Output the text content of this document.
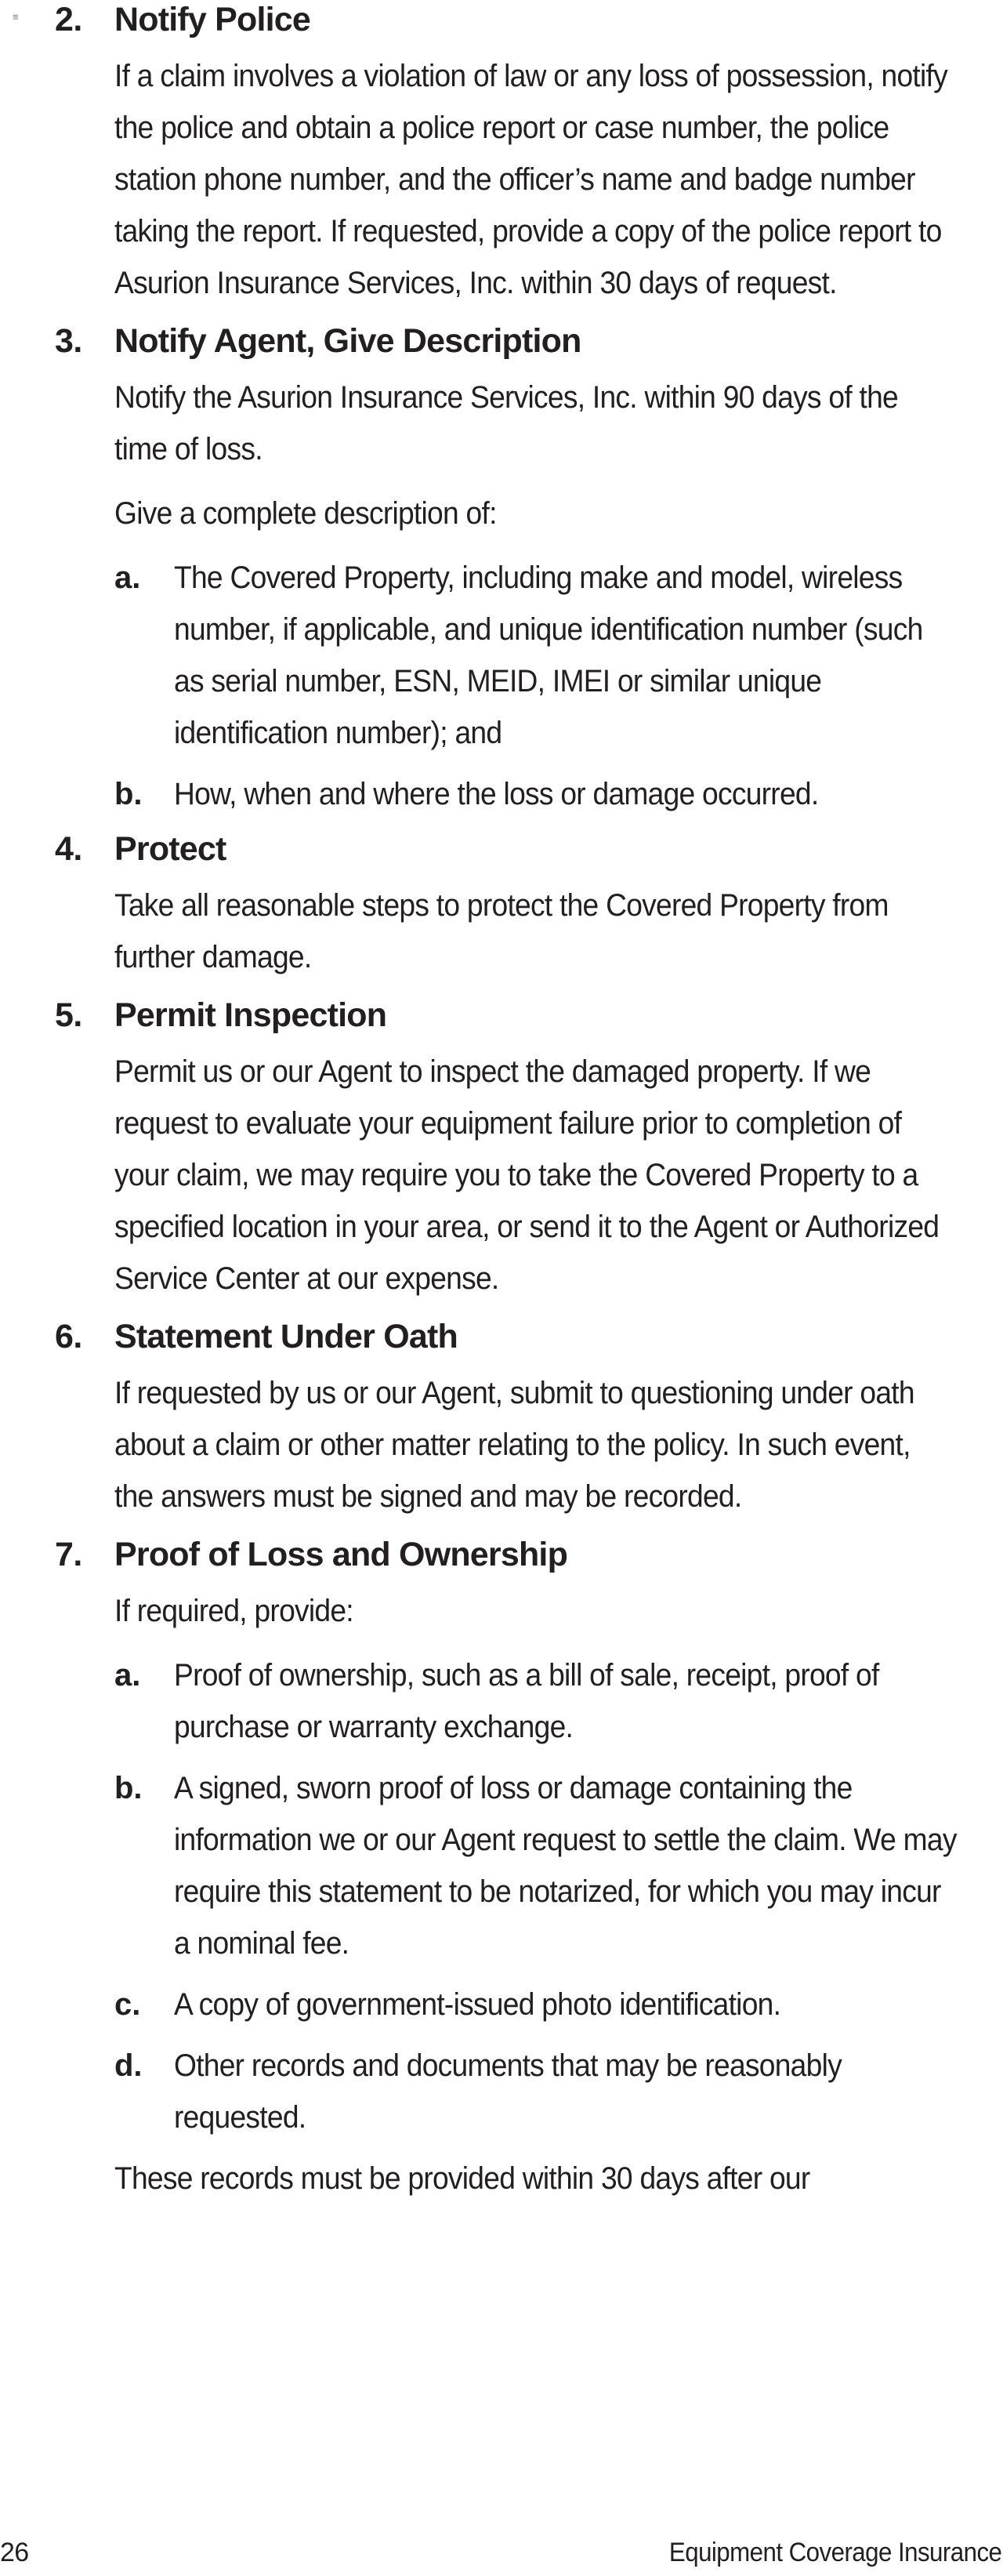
≡ 2. Notify Police
If a claim involves a violation of law or any loss of possession, notify the police and obtain a police report or case number, the police station phone number, and the officer’s name and badge number taking the report. If requested, provide a copy of the police report to Asurion Insurance Services, Inc. within 30 days of request.
3. Notify Agent, Give Description
Notify the Asurion Insurance Services, Inc. within 90 days of the time of loss.
Give a complete description of:
a. The Covered Property, including make and model, wireless number, if applicable, and unique identification number (such as serial number, ESN, MEID, IMEI or similar unique identification number); and
b. How, when and where the loss or damage occurred.
4. Protect
Take all reasonable steps to protect the Covered Property from further damage.
5. Permit Inspection
Permit us or our Agent to inspect the damaged property. If we request to evaluate your equipment failure prior to completion of your claim, we may require you to take the Covered Property to a specified location in your area, or send it to the Agent or Authorized Service Center at our expense.
6. Statement Under Oath
If requested by us or our Agent, submit to questioning under oath about a claim or other matter relating to the policy. In such event, the answers must be signed and may be recorded.
7. Proof of Loss and Ownership
If required, provide:
a. Proof of ownership, such as a bill of sale, receipt, proof of purchase or warranty exchange.
b. A signed, sworn proof of loss or damage containing the information we or our Agent request to settle the claim. We may require this statement to be notarized, for which you may incur a nominal fee.
c. A copy of government-issued photo identification.
d. Other records and documents that may be reasonably requested.
These records must be provided within 30 days after our
26	Equipment Coverage Insurance
